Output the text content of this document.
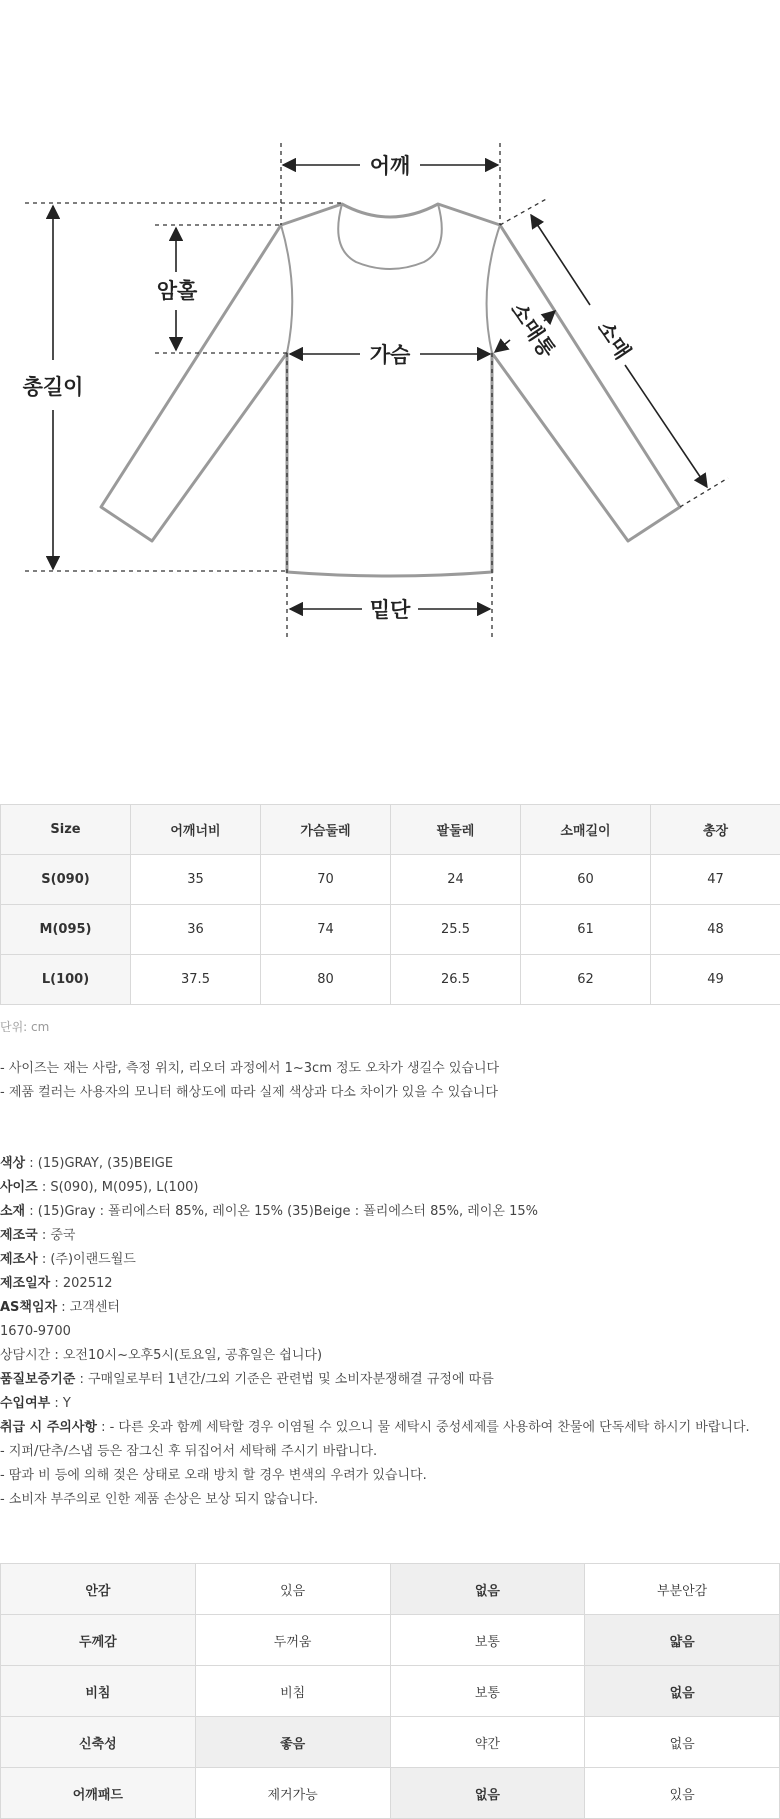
어깨
암홀
가슴
총길이
밑단
소매통 소매
Size	어깨너비	가슴둘레	팔둘레	소매길이	총장
S(090)	35	70	24	60	47
M(095)	36	74	25.5	61	48
L(100)	37.5	80	26.5	62	49
단위: cm
- 사이즈는 재는 사람, 측정 위치, 리오더 과정에서 1~3cm 정도 오차가 생길수 있습니다
- 제품 컬러는 사용자의 모니터 해상도에 따라 실제 색상과 다소 차이가 있을 수 있습니다
색상 : (15)GRAY, (35)BEIGE
사이즈 : S(090), M(095), L(100)
소재 : (15)Gray : 폴리에스터 85%, 레이온 15% (35)Beige : 폴리에스터 85%, 레이온 15%
제조국 : 중국
제조사 : (주)이랜드월드
제조일자 : 202512
AS책임자 : 고객센터
1670-9700
상담시간 : 오전10시~오후5시(토요일, 공휴일은 쉽니다)
품질보증기준 : 구매일로부터 1년간/그외 기준은 관련법 및 소비자분쟁해결 규정에 따름
수입여부 : Y
취급 시 주의사항 : - 다른 옷과 함께 세탁할 경우 이염될 수 있으니 물 세탁시 중성세제를 사용하여 찬물에 단독세탁 하시기 바랍니다.
- 지퍼/단추/스냅 등은 잠그신 후 뒤집어서 세탁해 주시기 바랍니다.
- 땀과 비 등에 의해 젖은 상태로 오래 방치 할 경우 변색의 우려가 있습니다.
- 소비자 부주의로 인한 제품 손상은 보상 되지 않습니다.
안감	있음	없음	부분안감
두께감	두꺼움	보통	얇음
비침	비침	보통	없음
신축성	좋음	약간	없음
어깨패드	제거가능	없음	있음
